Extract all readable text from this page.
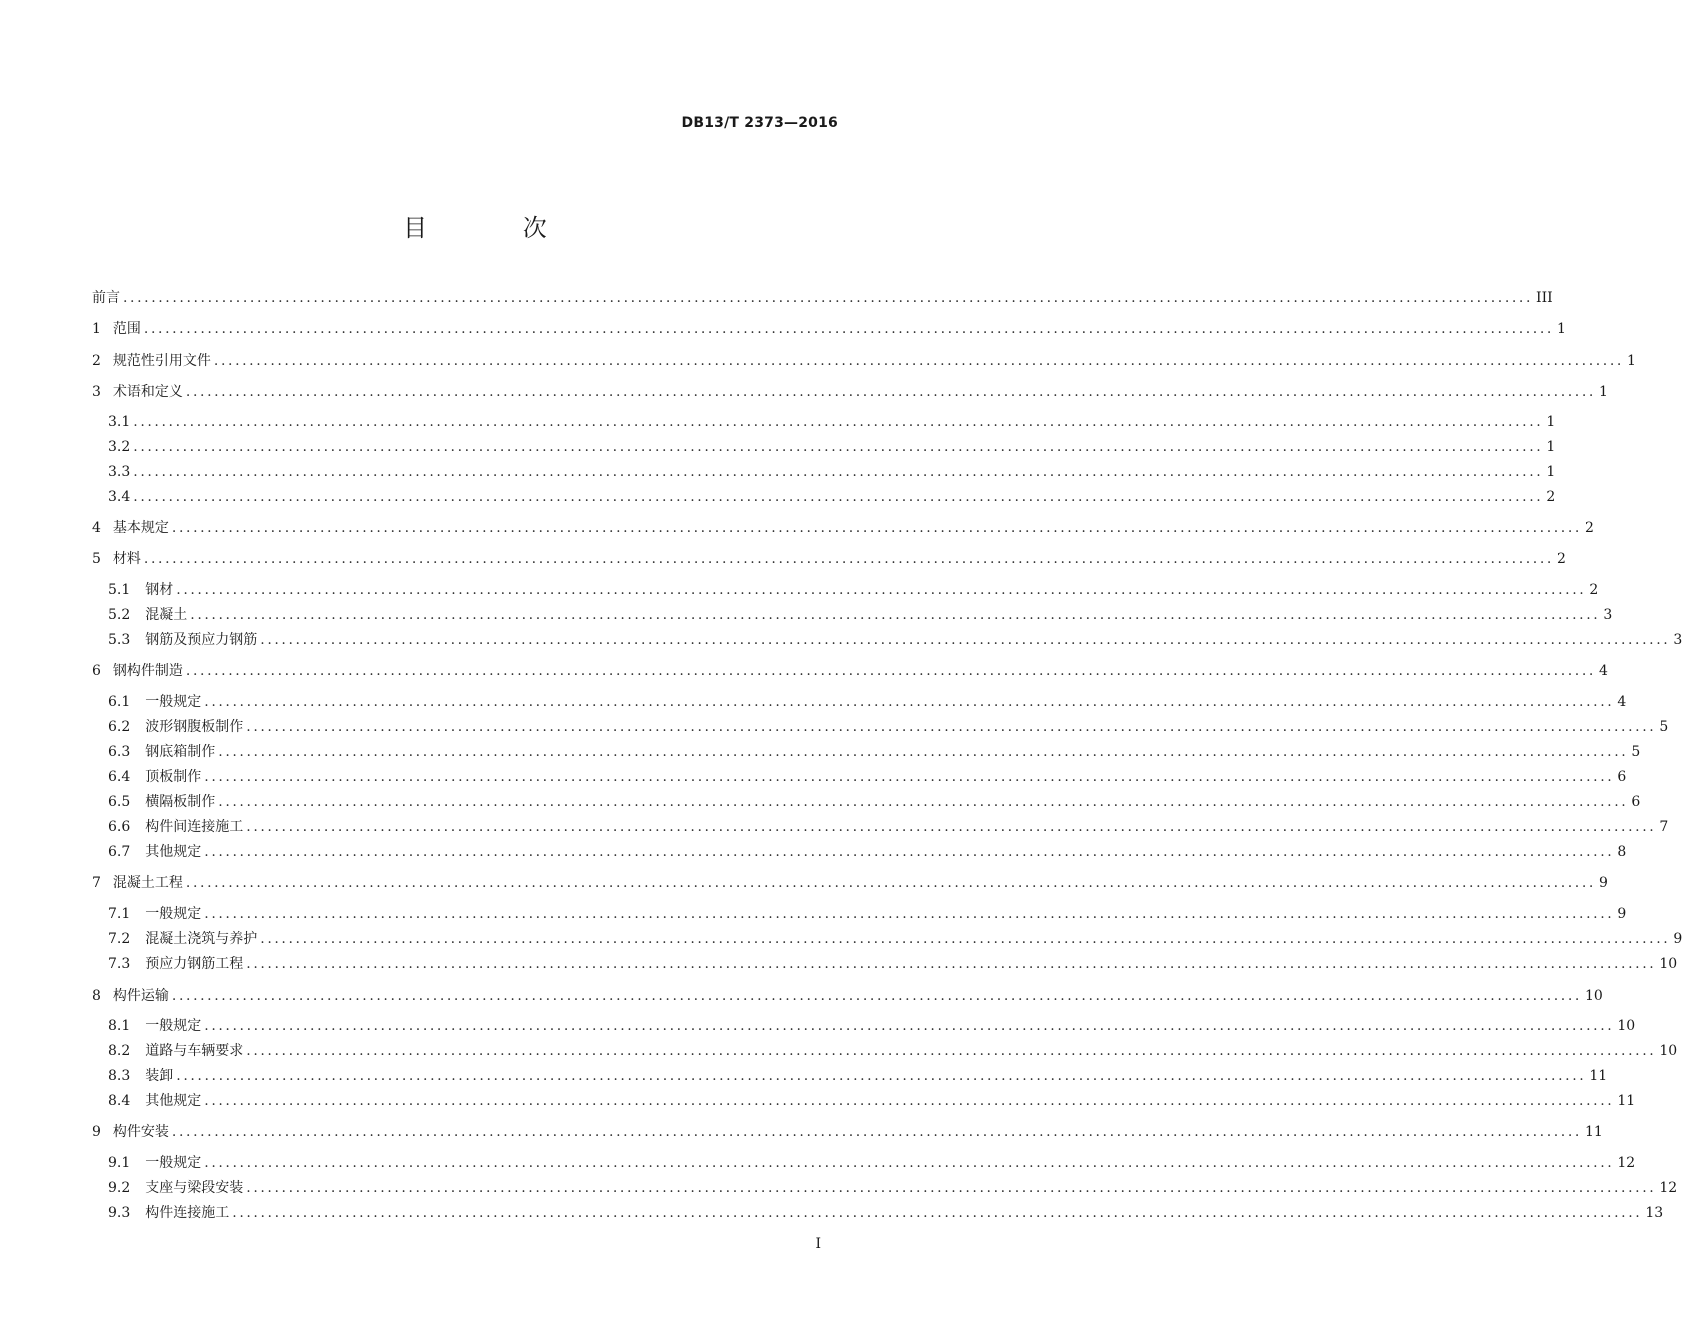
DB13/T 2373—2016
目 次
前言 ........................................................................................................................................................................................................ III
1 范围 ........................................................................................................................................................................................................ 1
2 规范性引用文件 ........................................................................................................................................................................................................ 1
3 术语和定义 ........................................................................................................................................................................................................ 1
3.1 ........................................................................................................................................................................................................ 1
3.2 ........................................................................................................................................................................................................ 1
3.3 ........................................................................................................................................................................................................ 1
3.4 ........................................................................................................................................................................................................ 2
4 基本规定 ........................................................................................................................................................................................................ 2
5 材料 ........................................................................................................................................................................................................ 2
5.1 钢材 ........................................................................................................................................................................................................ 2
5.2 混凝土 ........................................................................................................................................................................................................ 3
5.3 钢筋及预应力钢筋 ........................................................................................................................................................................................................ 3
6 钢构件制造 ........................................................................................................................................................................................................ 4
6.1 一般规定 ........................................................................................................................................................................................................ 4
6.2 波形钢腹板制作 ........................................................................................................................................................................................................ 5
6.3 钢底箱制作 ........................................................................................................................................................................................................ 5
6.4 顶板制作 ........................................................................................................................................................................................................ 6
6.5 横隔板制作 ........................................................................................................................................................................................................ 6
6.6 构件间连接施工 ........................................................................................................................................................................................................ 7
6.7 其他规定 ........................................................................................................................................................................................................ 8
7 混凝土工程 ........................................................................................................................................................................................................ 9
7.1 一般规定 ........................................................................................................................................................................................................ 9
7.2 混凝土浇筑与养护 ........................................................................................................................................................................................................ 9
7.3 预应力钢筋工程 ........................................................................................................................................................................................................ 10
8 构件运输 ........................................................................................................................................................................................................ 10
8.1 一般规定 ........................................................................................................................................................................................................ 10
8.2 道路与车辆要求 ........................................................................................................................................................................................................ 10
8.3 装卸 ........................................................................................................................................................................................................ 11
8.4 其他规定 ........................................................................................................................................................................................................ 11
9 构件安装 ........................................................................................................................................................................................................ 11
9.1 一般规定 ........................................................................................................................................................................................................ 12
9.2 支座与梁段安装 ........................................................................................................................................................................................................ 12
9.3 构件连接施工 ........................................................................................................................................................................................................ 13
I
